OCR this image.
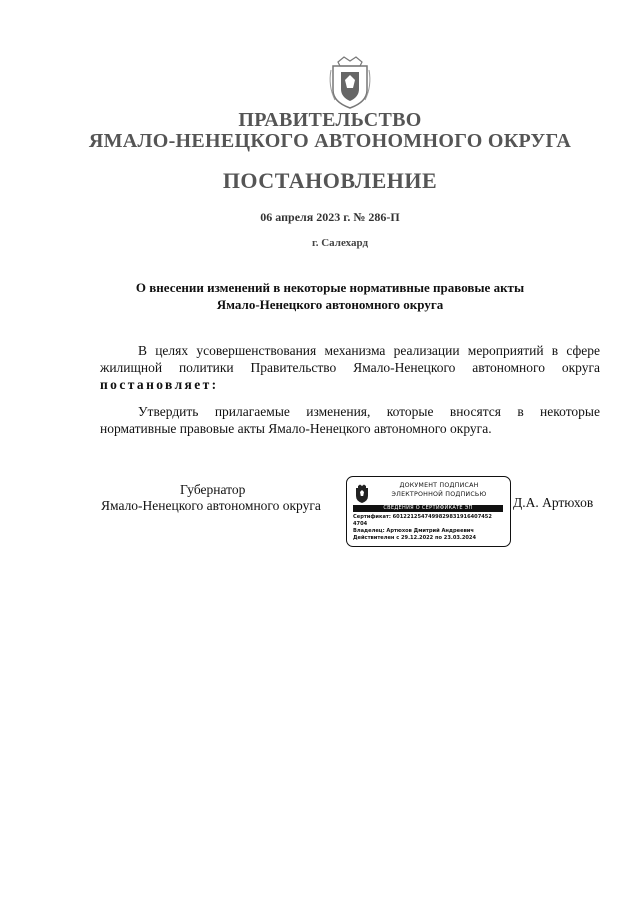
ПРАВИТЕЛЬСТВО
ЯМАЛО-НЕНЕЦКОГО АВТОНОМНОГО ОКРУГА
ПОСТАНОВЛЕНИЕ
06 апреля 2023 г. № 286-П
г. Салехард
О внесении изменений в некоторые нормативные правовые акты
Ямало-Ненецкого автономного округа
В целях усовершенствования механизма реализации мероприятий в сфере жилищной политики Правительство Ямало-Ненецкого автономного округа постановляет:
Утвердить прилагаемые изменения, которые вносятся в некоторые нормативные правовые акты Ямало-Ненецкого автономного округа.
Губернатор
Ямало-Ненецкого автономного округа	Д.А. Артюхов
ДОКУМЕНТ ПОДПИСАН
ЭЛЕКТРОННОЙ ПОДПИСЬЮ
СВЕДЕНИЯ О СЕРТИФИКАТЕ ЭП
Сертификат: 6012212547499829831916407452
4704
Владелец: Артюхов Дмитрий Андреевич
Действителен с 29.12.2022 по 23.03.2024
